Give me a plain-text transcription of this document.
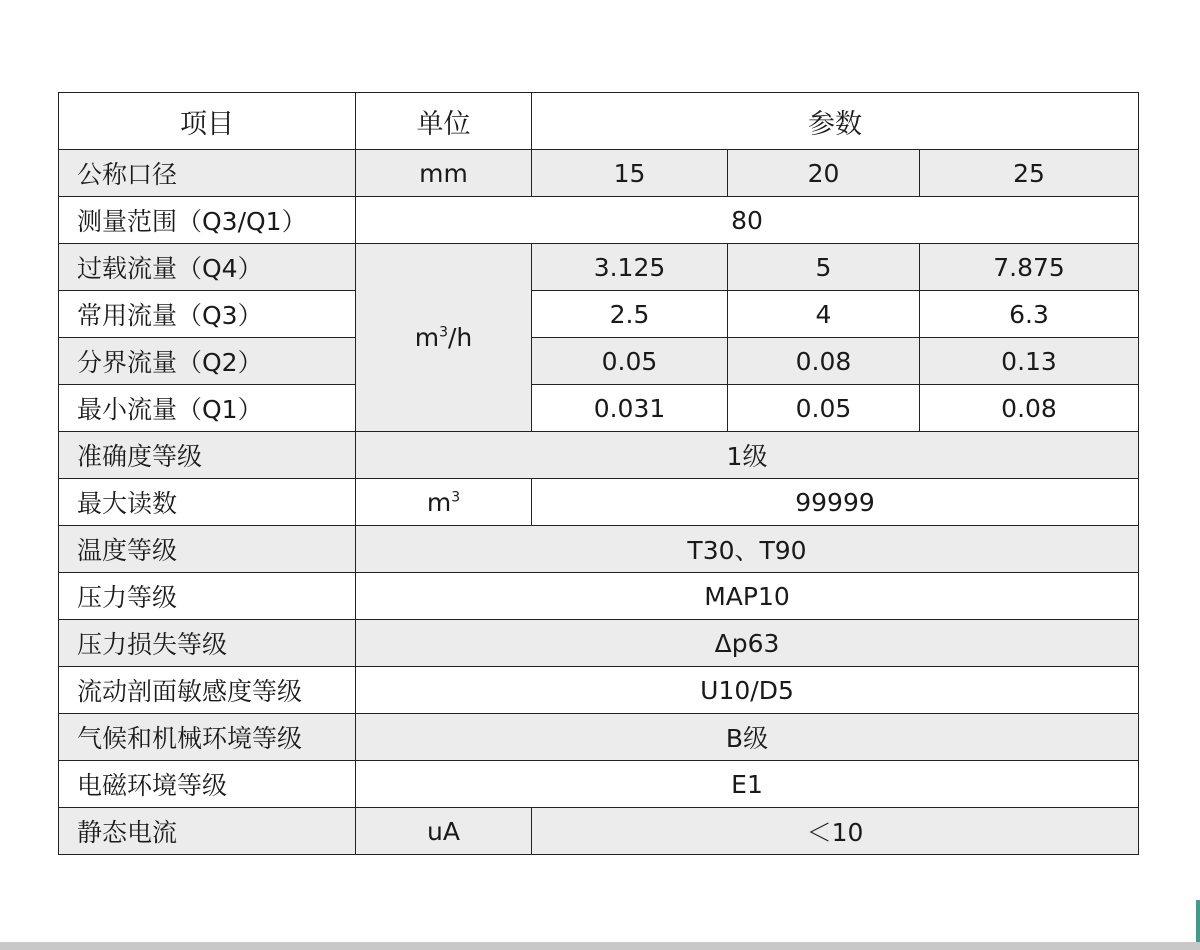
项目	单位	参数		
公称口径	mm	15	20	25
测量范围（Q3/Q1）	80			
过载流量（Q4）	$m^3/h$	3.125	5	7.875
常用流量（Q3）		2.5	4	6.3
分界流量（Q2）		0.05	0.08	0.13
最小流量（Q1）		0.031	0.05	0.08
准确度等级	1级			
最大读数	$m^3$	99999		
温度等级	T30、T90			
压力等级	MAP10			
压力损失等级	Δp63			
流动剖面敏感度等级	U10/D5			
气候和机械环境等级	B级			
电磁环境等级	E1			
静态电流	uA	＜10		
